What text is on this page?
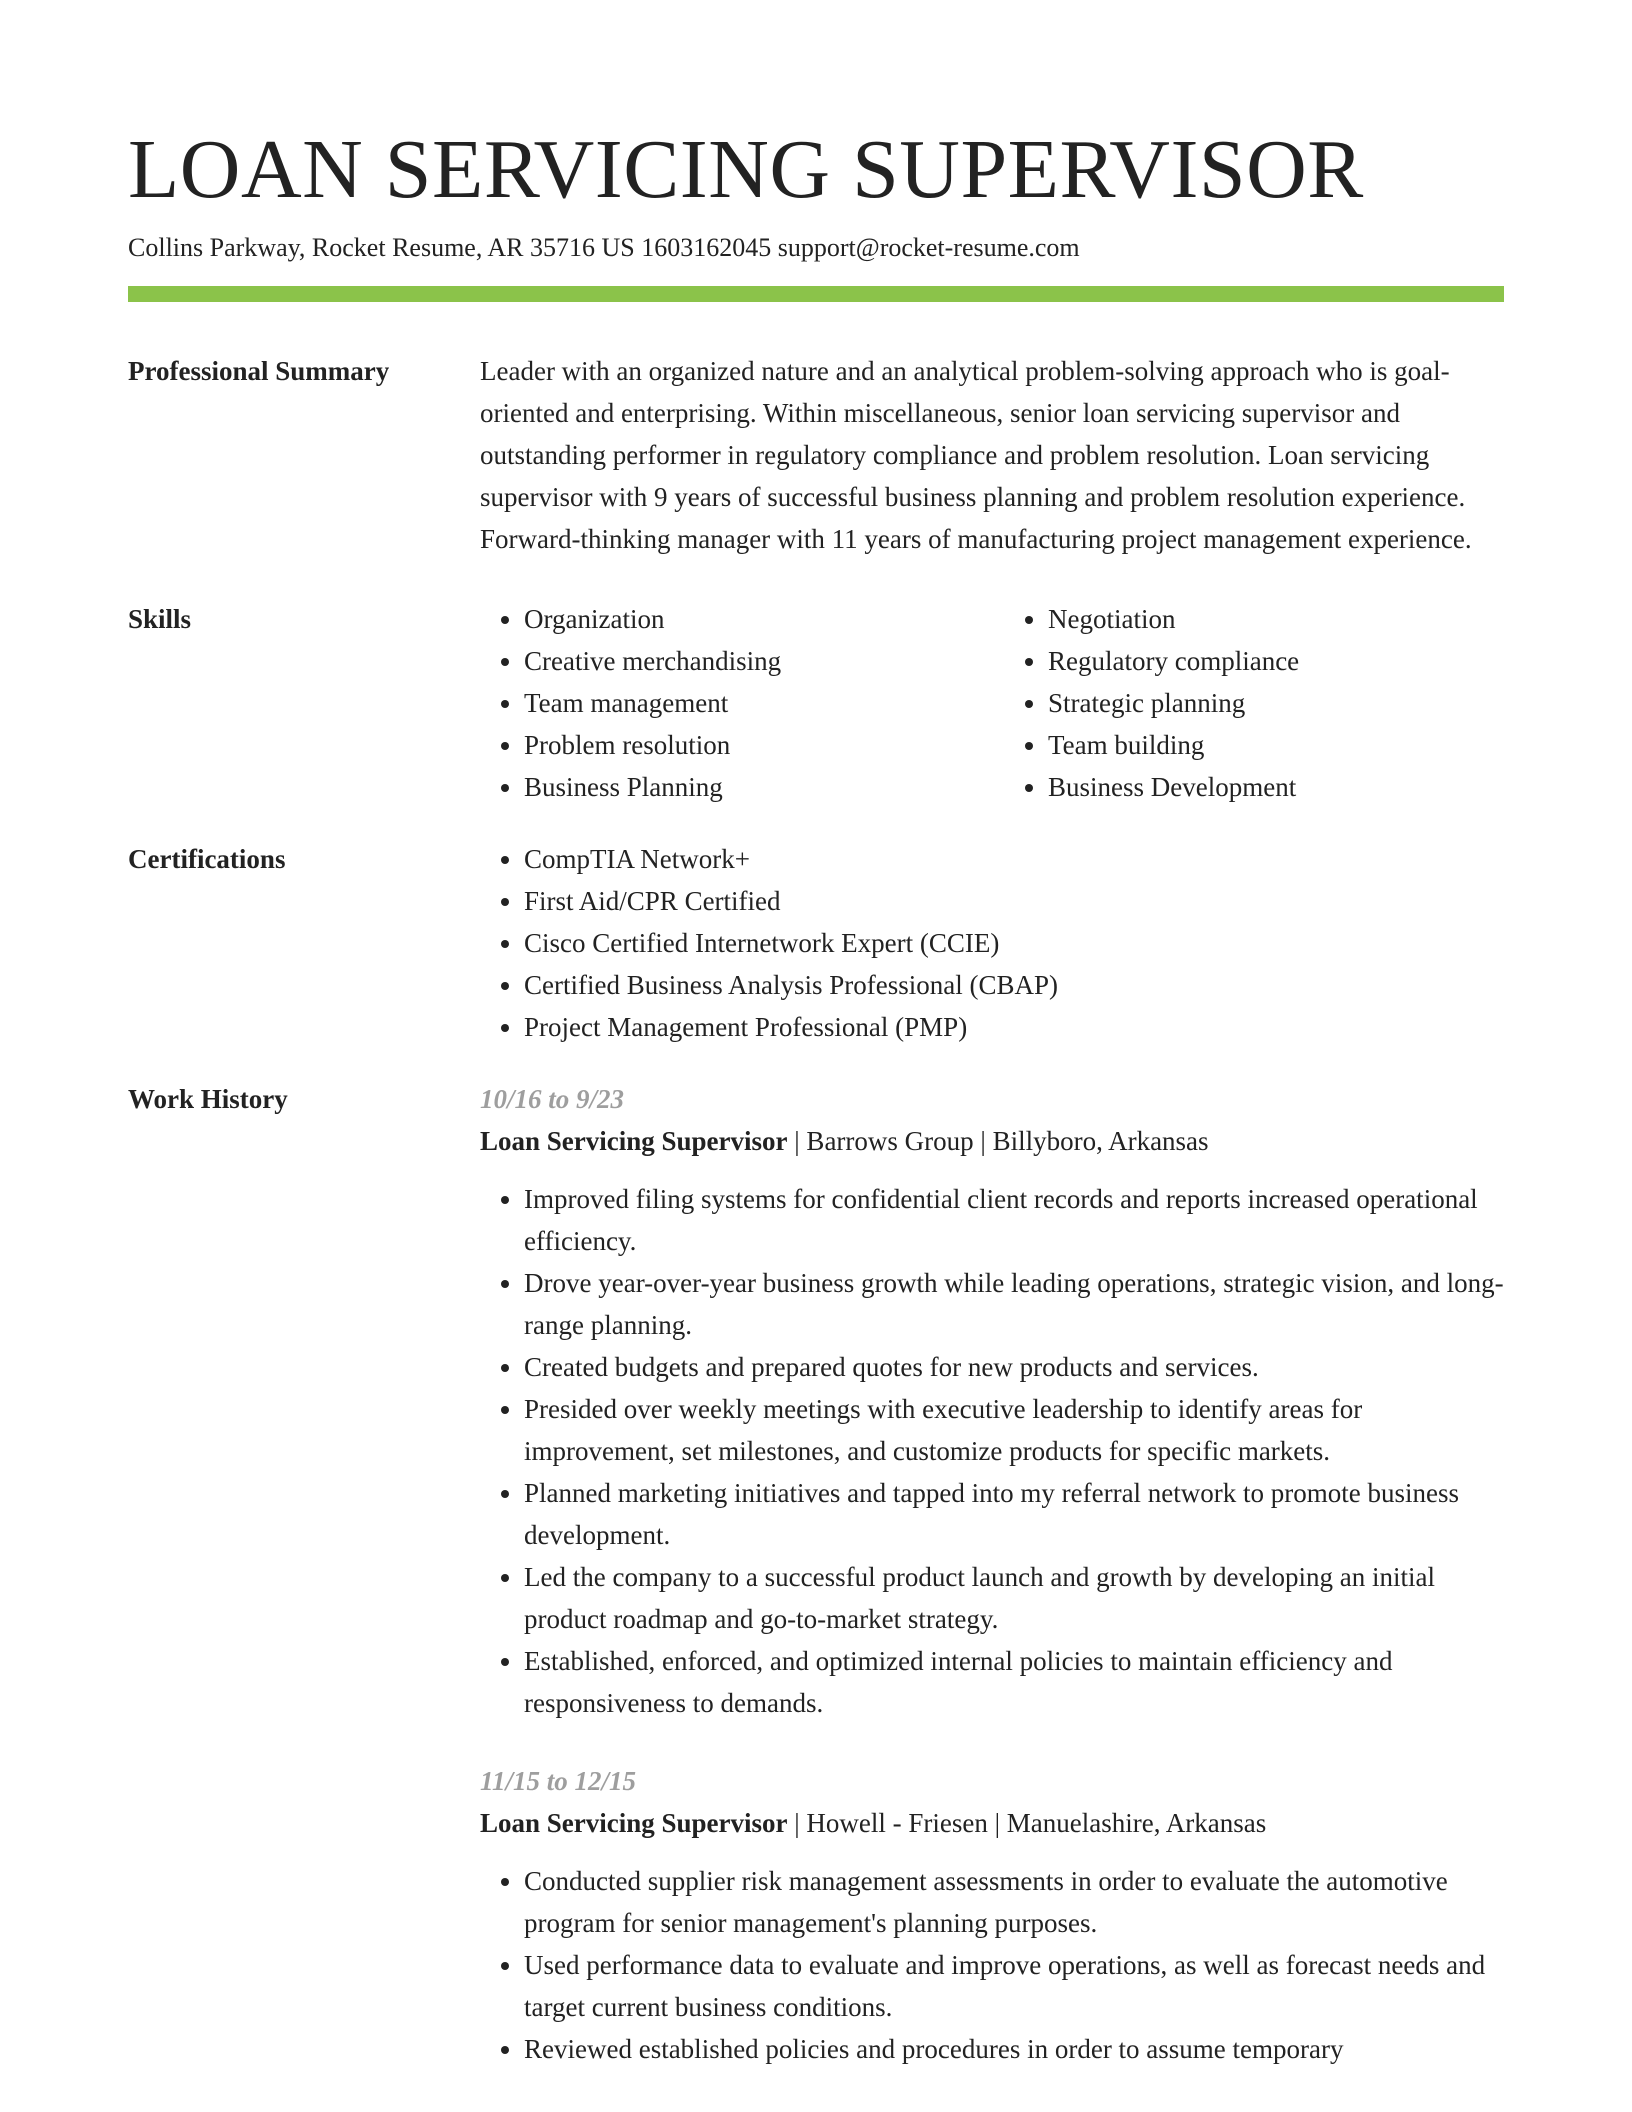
LOAN SERVICING SUPERVISOR
Collins Parkway, Rocket Resume, AR 35716 US 1603162045 support@rocket-resume.com
Professional Summary	Leader with an organized nature and an analytical problem-solving approach who is goal-oriented and enterprising. Within miscellaneous, senior loan servicing supervisor and outstanding performer in regulatory compliance and problem resolution. Loan servicing supervisor with 9 years of successful business planning and problem resolution experience. Forward-thinking manager with 11 years of manufacturing project management experience.

Skills	• Organization
• Creative merchandising
• Team management
• Problem resolution
• Business Planning
• Negotiation
• Regulatory compliance
• Strategic planning
• Team building
• Business Development
Certifications	• CompTIA Network+
• First Aid/CPR Certified
• Cisco Certified Internetwork Expert (CCIE)
• Certified Business Analysis Professional (CBAP)
• Project Management Professional (PMP)
Work History	10/16 to 9/23
Loan Servicing Supervisor | Barrows Group | Billyboro, Arkansas
• Improved filing systems for confidential client records and reports increased operational efficiency.
• Drove year-over-year business growth while leading operations, strategic vision, and long-range planning.
• Created budgets and prepared quotes for new products and services.
• Presided over weekly meetings with executive leadership to identify areas for improvement, set milestones, and customize products for specific markets.
• Planned marketing initiatives and tapped into my referral network to promote business development.
• Led the company to a successful product launch and growth by developing an initial product roadmap and go-to-market strategy.
• Established, enforced, and optimized internal policies to maintain efficiency and responsiveness to demands.
11/15 to 12/15
Loan Servicing Supervisor | Howell - Friesen | Manuelashire, Arkansas
• Conducted supplier risk management assessments in order to evaluate the automotive program for senior management's planning purposes.
• Used performance data to evaluate and improve operations, as well as forecast needs and target current business conditions.
• Reviewed established policies and procedures in order to assume temporary
